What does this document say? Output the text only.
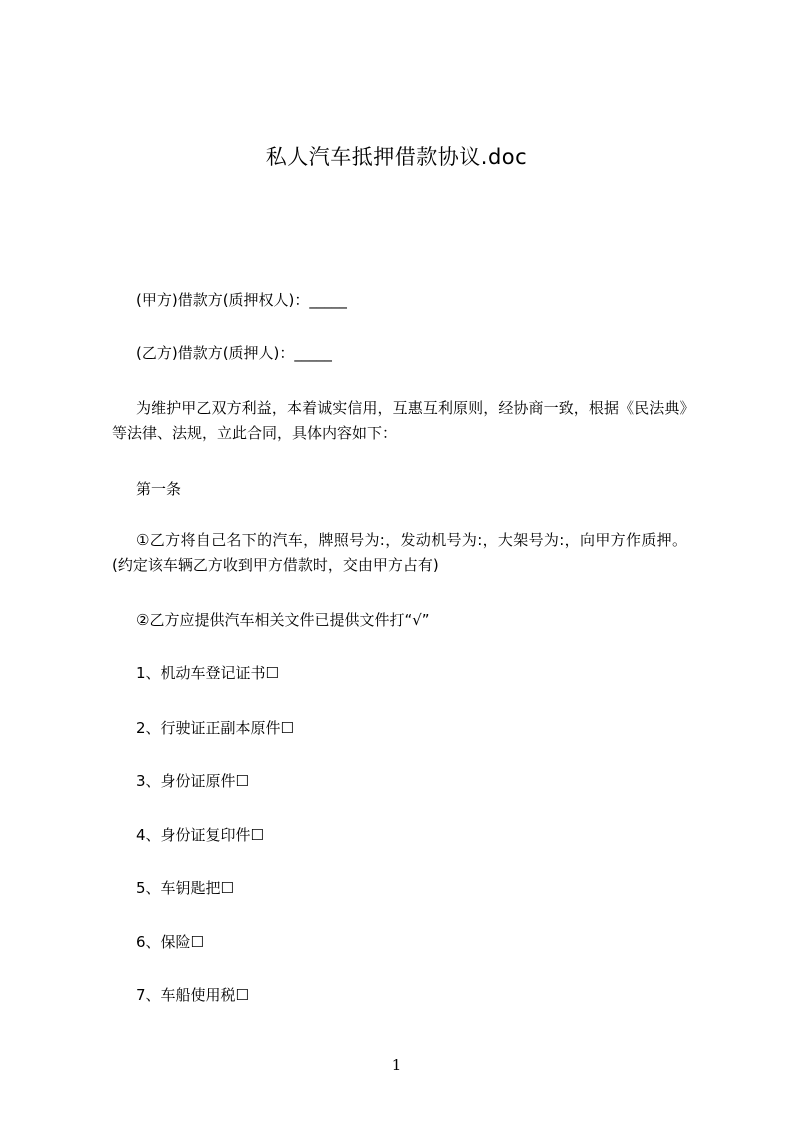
私人汽车抵押借款协议.doc
(甲方)借款方(质押权人)：_____
(乙方)借款方(质押人)：_____
为维护甲乙双方利益，本着诚实信用，互惠互利原则，经协商一致，根据《民法典》等法律、法规，立此合同，具体内容如下：
第一条
①乙方将自己名下的汽车，牌照号为:，发动机号为:，大架号为:，向甲方作质押。(约定该车辆乙方收到甲方借款时，交由甲方占有)
②乙方应提供汽车相关文件已提供文件打“√”
1、机动车登记证书☐
2、行驶证正副本原件☐
3、身份证原件☐
4、身份证复印件☐
5、车钥匙把☐
6、保险☐
7、车船使用税☐
1
